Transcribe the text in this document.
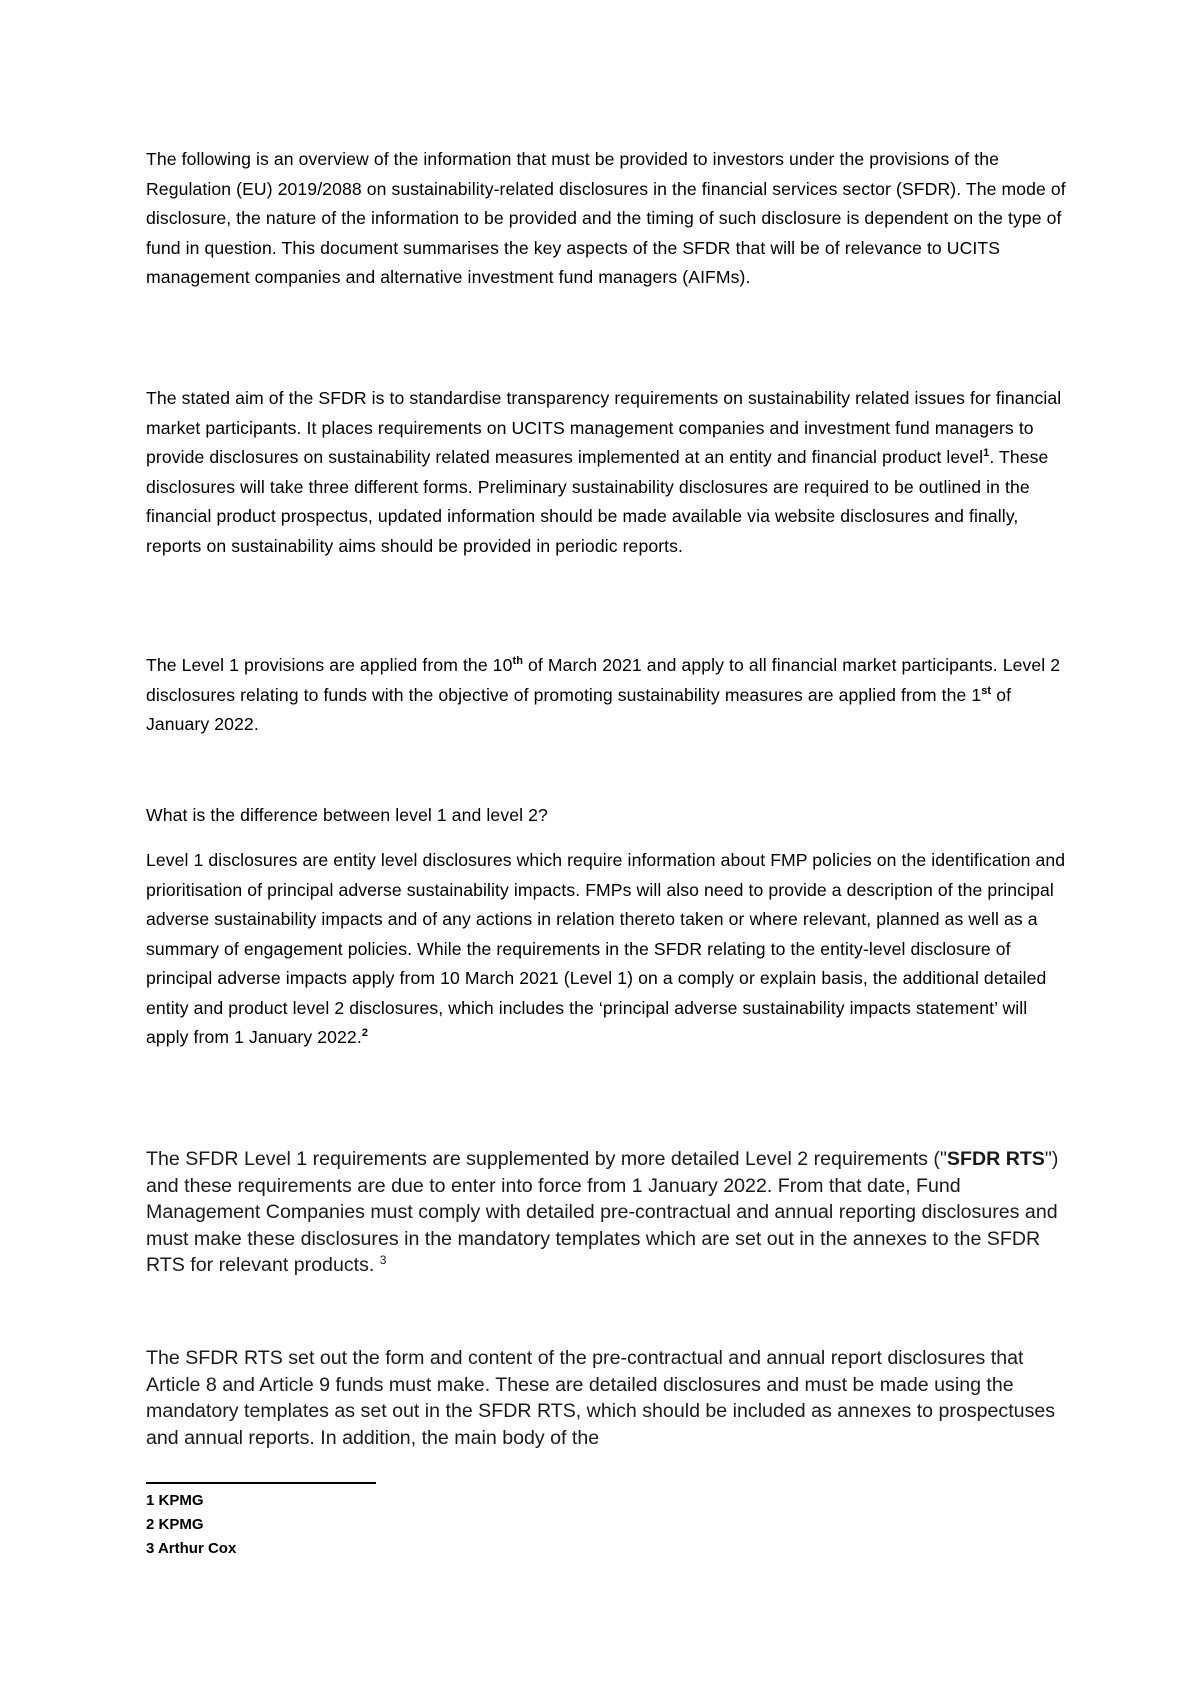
The following is an overview of the information that must be provided to investors under the provisions of the Regulation (EU) 2019/2088 on sustainability-related disclosures in the financial services sector (SFDR). The mode of disclosure, the nature of the information to be provided and the timing of such disclosure is dependent on the type of fund in question. This document summarises the key aspects of the SFDR that will be of relevance to UCITS management companies and alternative investment fund managers (AIFMs).

The stated aim of the SFDR is to standardise transparency requirements on sustainability related issues for financial market participants. It places requirements on UCITS management companies and investment fund managers to provide disclosures on sustainability related measures implemented at an entity and financial product level$^1$. These disclosures will take three different forms. Preliminary sustainability disclosures are required to be outlined in the financial product prospectus, updated information should be made available via website disclosures and finally, reports on sustainability aims should be provided in periodic reports.

The Level 1 provisions are applied from the 10th of March 2021 and apply to all financial market participants. Level 2 disclosures relating to funds with the objective of promoting sustainability measures are applied from the 1st of January 2022.

What is the difference between level 1 and level 2?

Level 1 disclosures are entity level disclosures which require information about FMP policies on the identification and prioritisation of principal adverse sustainability impacts. FMPs will also need to provide a description of the principal adverse sustainability impacts and of any actions in relation thereto taken or where relevant, planned as well as a summary of engagement policies. While the requirements in the SFDR relating to the entity-level disclosure of principal adverse impacts apply from 10 March 2021 (Level 1) on a comply or explain basis, the additional detailed entity and product level 2 disclosures, which includes the ‘principal adverse sustainability impacts statement’ will apply from 1 January 2022.$^2$

The SFDR Level 1 requirements are supplemented by more detailed Level 2 requirements ("SFDR RTS") and these requirements are due to enter into force from 1 January 2022. From that date, Fund Management Companies must comply with detailed pre-contractual and annual reporting disclosures and must make these disclosures in the mandatory templates which are set out in the annexes to the SFDR RTS for relevant products. $^3$

The SFDR RTS set out the form and content of the pre-contractual and annual report disclosures that Article 8 and Article 9 funds must make. These are detailed disclosures and must be made using the mandatory templates as set out in the SFDR RTS, which should be included as annexes to prospectuses and annual reports. In addition, the main body of the

1 KPMG
2 KPMG
3 Arthur Cox
